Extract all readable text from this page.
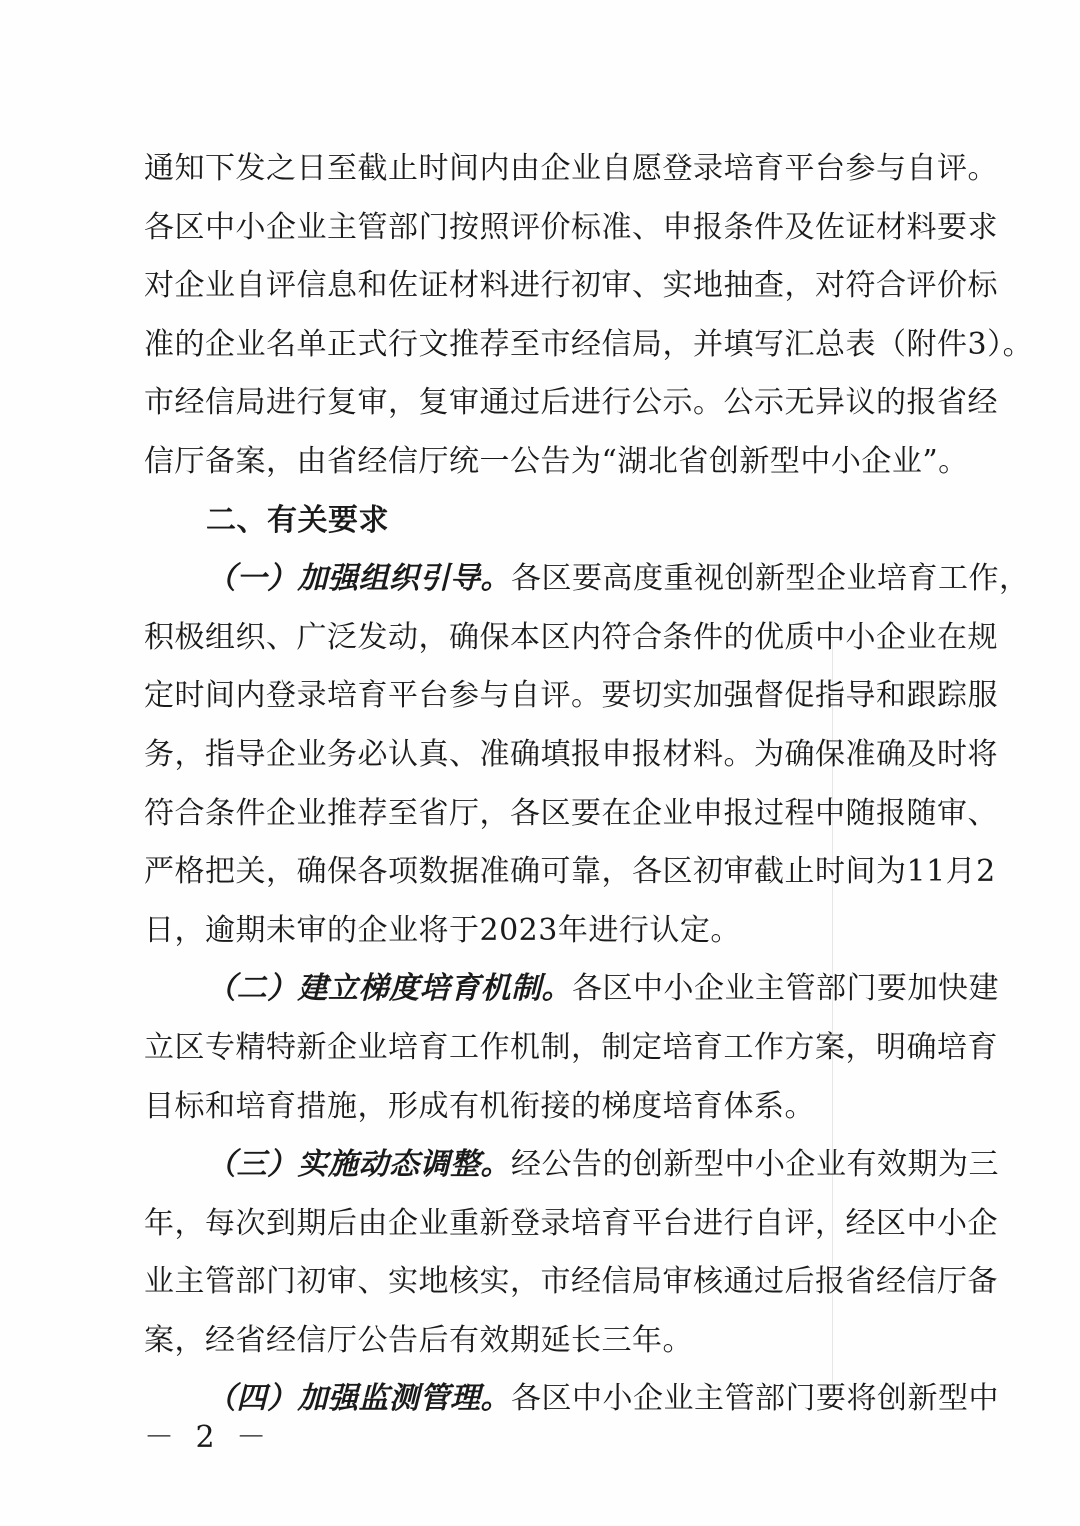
通知下发之日至截止时间内由企业自愿登录培育平台参与自评。
各区中小企业主管部门按照评价标准、申报条件及佐证材料要求
对企业自评信息和佐证材料进行初审、实地抽查，对符合评价标
准的企业名单正式行文推荐至市经信局，并填写汇总表（附件3）。
市经信局进行复审，复审通过后进行公示。公示无异议的报省经
信厅备案，由省经信厅统一公告为“湖北省创新型中小企业”。
二、有关要求
（一）加强组织引导。各区要高度重视创新型企业培育工作，
积极组织、广泛发动，确保本区内符合条件的优质中小企业在规
定时间内登录培育平台参与自评。要切实加强督促指导和跟踪服
务，指导企业务必认真、准确填报申报材料。为确保准确及时将
符合条件企业推荐至省厅，各区要在企业申报过程中随报随审、
严格把关，确保各项数据准确可靠，各区初审截止时间为11月2
日，逾期未审的企业将于2023年进行认定。
（二）建立梯度培育机制。各区中小企业主管部门要加快建
立区专精特新企业培育工作机制，制定培育工作方案，明确培育
目标和培育措施，形成有机衔接的梯度培育体系。
（三）实施动态调整。经公告的创新型中小企业有效期为三
年，每次到期后由企业重新登录培育平台进行自评，经区中小企
业主管部门初审、实地核实，市经信局审核通过后报省经信厅备
案，经省经信厅公告后有效期延长三年。
（四）加强监测管理。各区中小企业主管部门要将创新型中
－ 2 －
